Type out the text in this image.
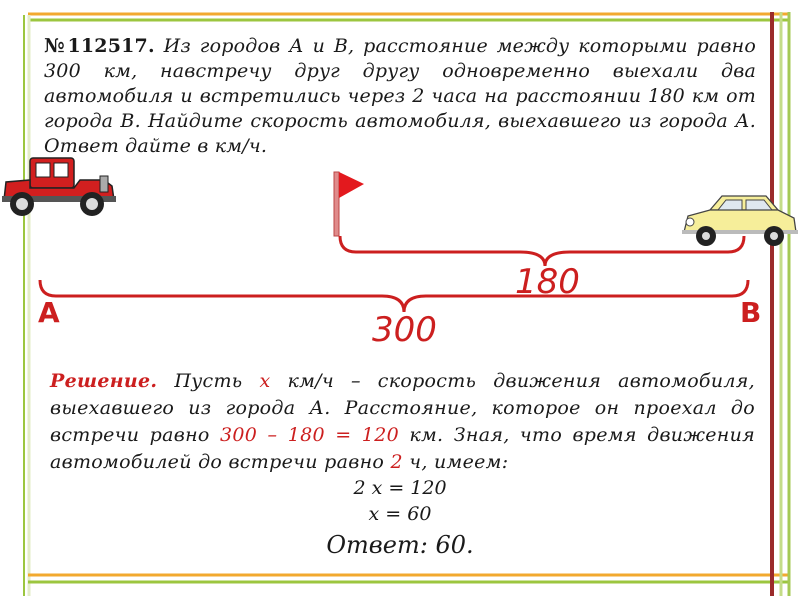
№112517. Из городов А и В, расстояние между которыми равно 300 км, навстречу друг другу одновременно выехали два автомобиля и встретились через 2 часа на расстоянии 180 км от города В. Найдите скорость автомобиля, выехавшего из города А. Ответ дайте в км/ч.
180
А	В
300
Решение. Пусть x км/ч – скорость движения автомобиля, выехавшего из города А. Расстояние, которое он проехал до встречи равно 300 – 180 = 120 км. Зная, что время движения автомобилей до встречи равно 2 ч, имеем:
2 x = 120
x = 60
Ответ: 60.
